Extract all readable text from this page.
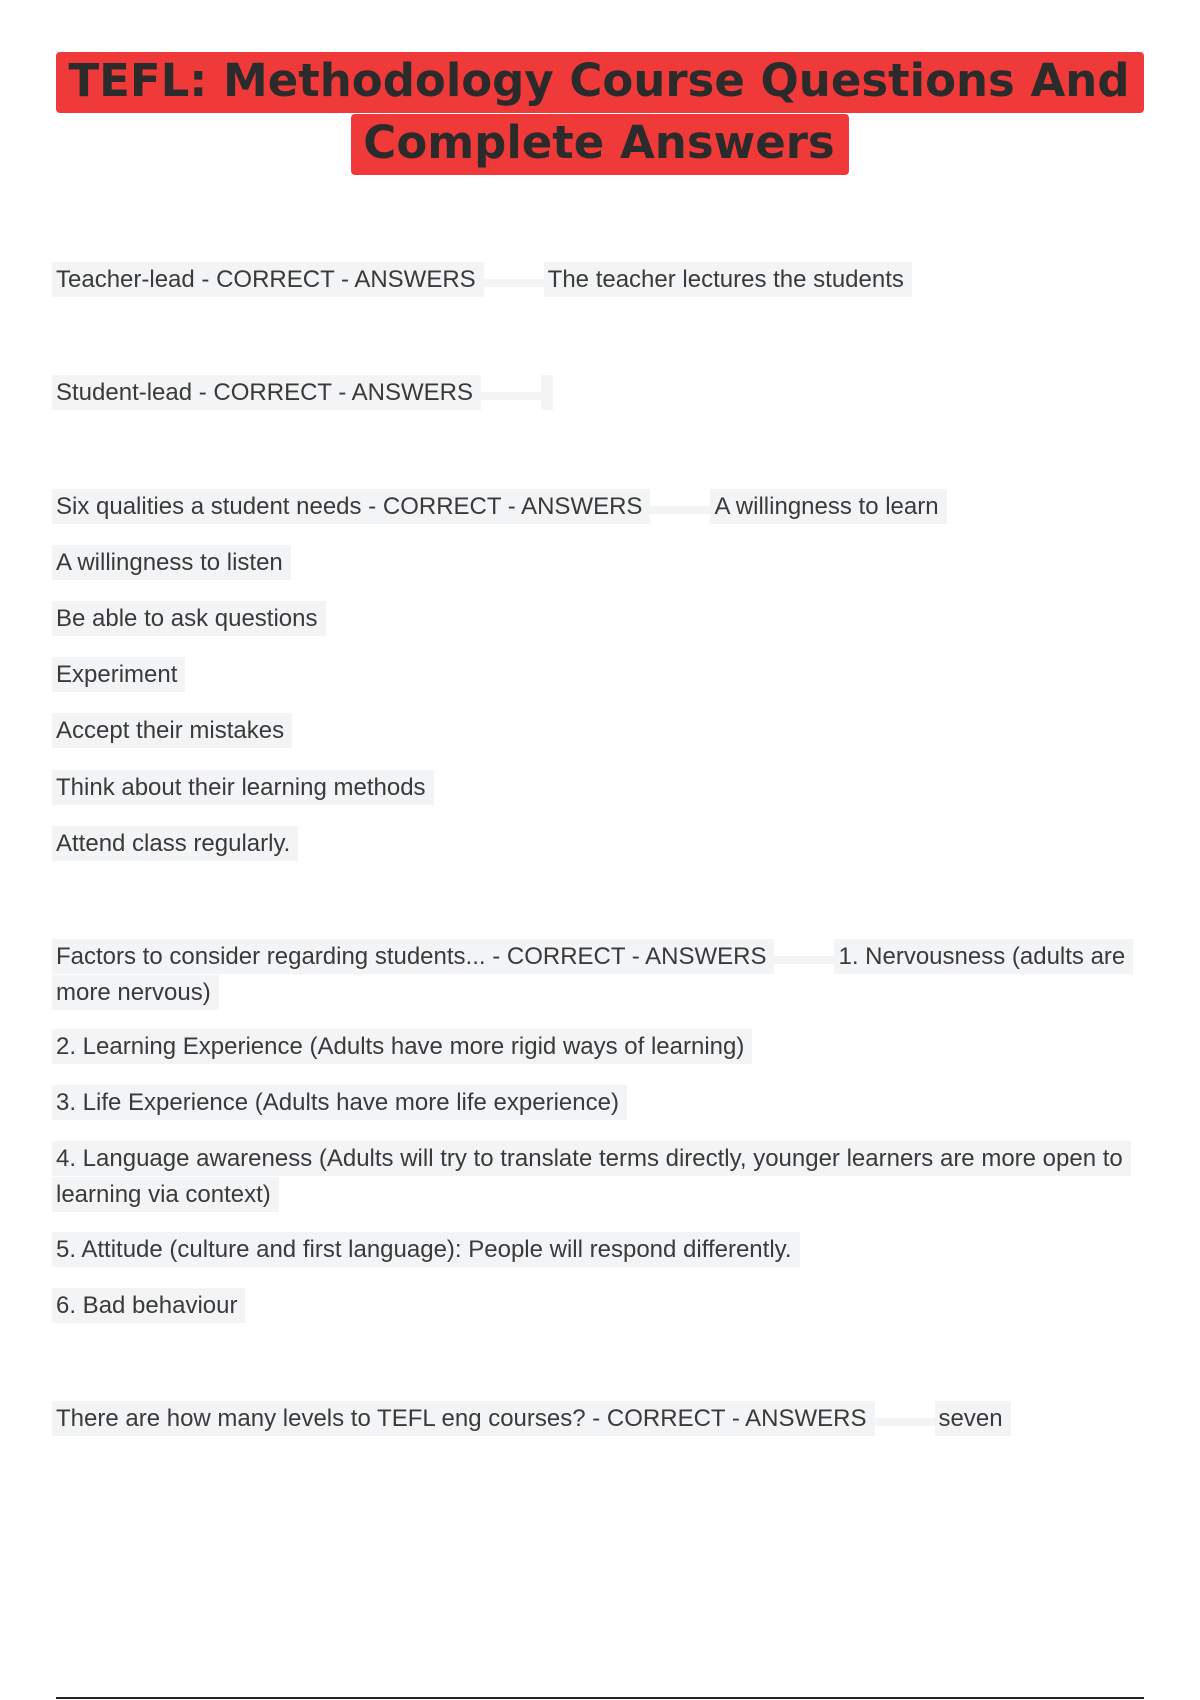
TEFL: Methodology Course Questions And
Complete Answers
Teacher-lead - CORRECT - ANSWERS	The teacher lectures the students
Student-lead - CORRECT - ANSWERS
Six qualities a student needs - CORRECT - ANSWERS	A willingness to learn
A willingness to listen
Be able to ask questions
Experiment
Accept their mistakes
Think about their learning methods
Attend class regularly.
Factors to consider regarding students... - CORRECT - ANSWERS	1. Nervousness (adults are more nervous)
2. Learning Experience (Adults have more rigid ways of learning)
3. Life Experience (Adults have more life experience)
4. Language awareness (Adults will try to translate terms directly, younger learners are more open to learning via context)
5. Attitude (culture and first language): People will respond differently.
6. Bad behaviour
There are how many levels to TEFL eng courses? - CORRECT - ANSWERS	seven
